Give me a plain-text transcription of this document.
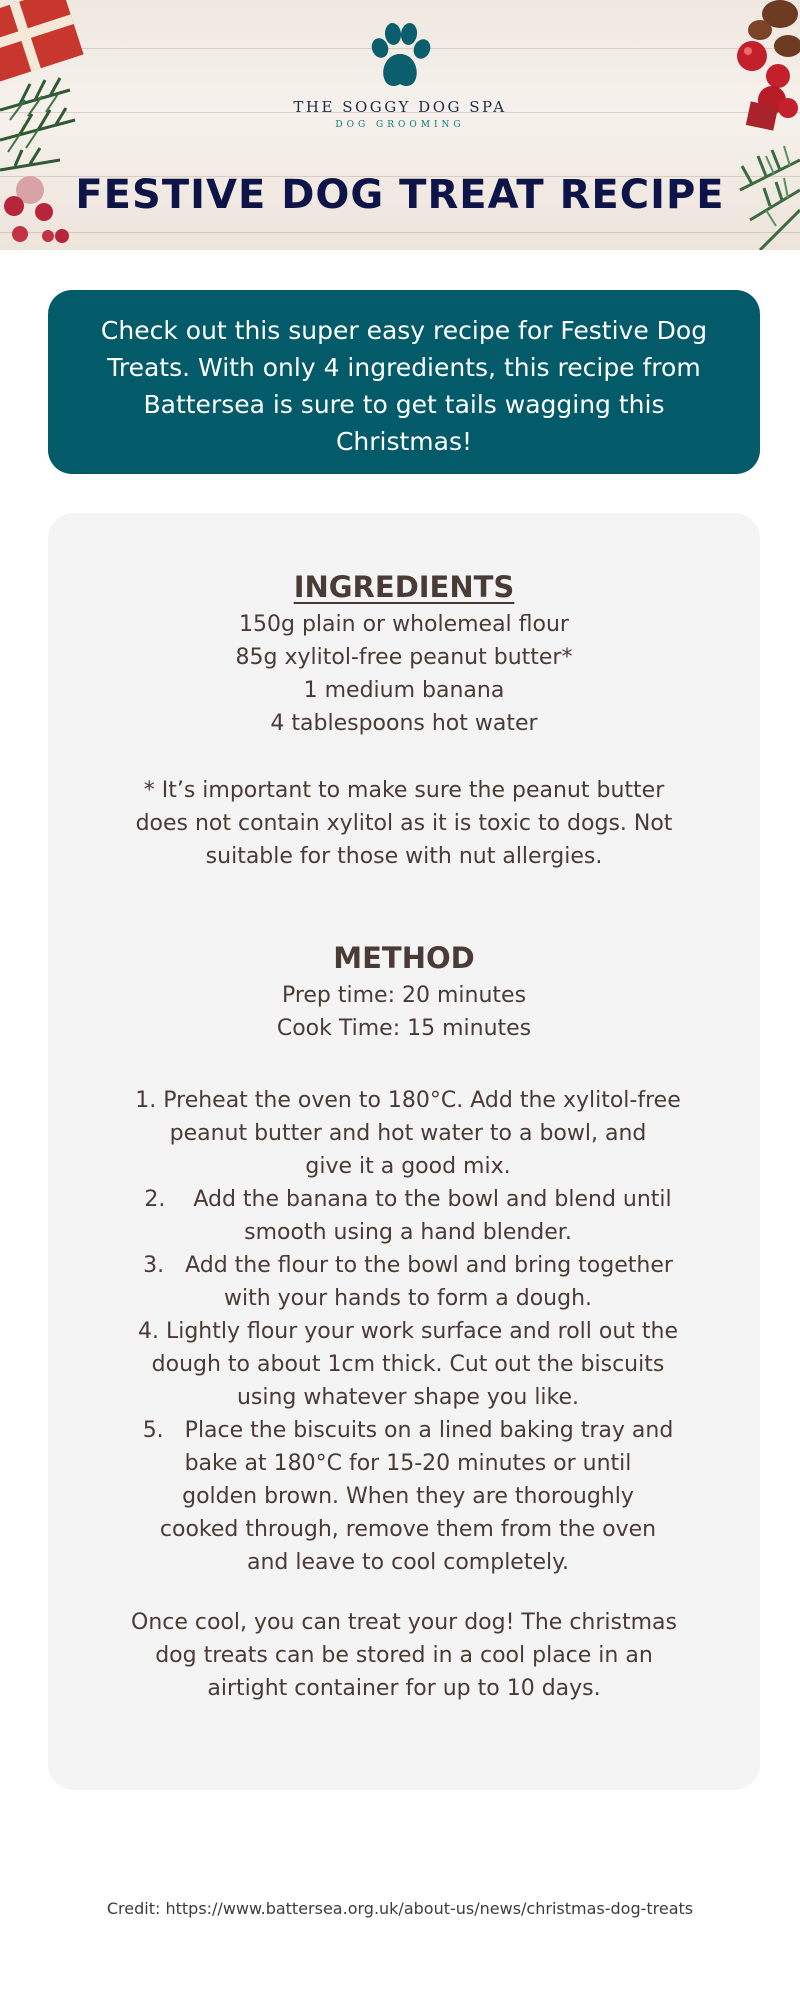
THE SOGGY DOG SPA
DOG GROOMING
FESTIVE DOG TREAT RECIPE
Check out this super easy recipe for Festive Dog
Treats. With only 4 ingredients, this recipe from
Battersea is sure to get tails wagging this
Christmas!
INGREDIENTS
150g plain or wholemeal flour
85g xylitol-free peanut butter*
1 medium banana
4 tablespoons hot water
* It’s important to make sure the peanut butter
does not contain xylitol as it is toxic to dogs. Not
suitable for those with nut allergies.
METHOD
Prep time: 20 minutes
Cook Time: 15 minutes
1. Preheat the oven to 180°C. Add the xylitol-free
peanut butter and hot water to a bowl, and
give it a good mix.
2. Add the banana to the bowl and blend until
smooth using a hand blender.
3. Add the flour to the bowl and bring together
with your hands to form a dough.
4. Lightly flour your work surface and roll out the
dough to about 1cm thick. Cut out the biscuits
using whatever shape you like.
5. Place the biscuits on a lined baking tray and
bake at 180°C for 15-20 minutes or until
golden brown. When they are thoroughly
cooked through, remove them from the oven
and leave to cool completely.
Once cool, you can treat your dog! The christmas
dog treats can be stored in a cool place in an
airtight container for up to 10 days.
Credit: https://www.battersea.org.uk/about-us/news/christmas-dog-treats
